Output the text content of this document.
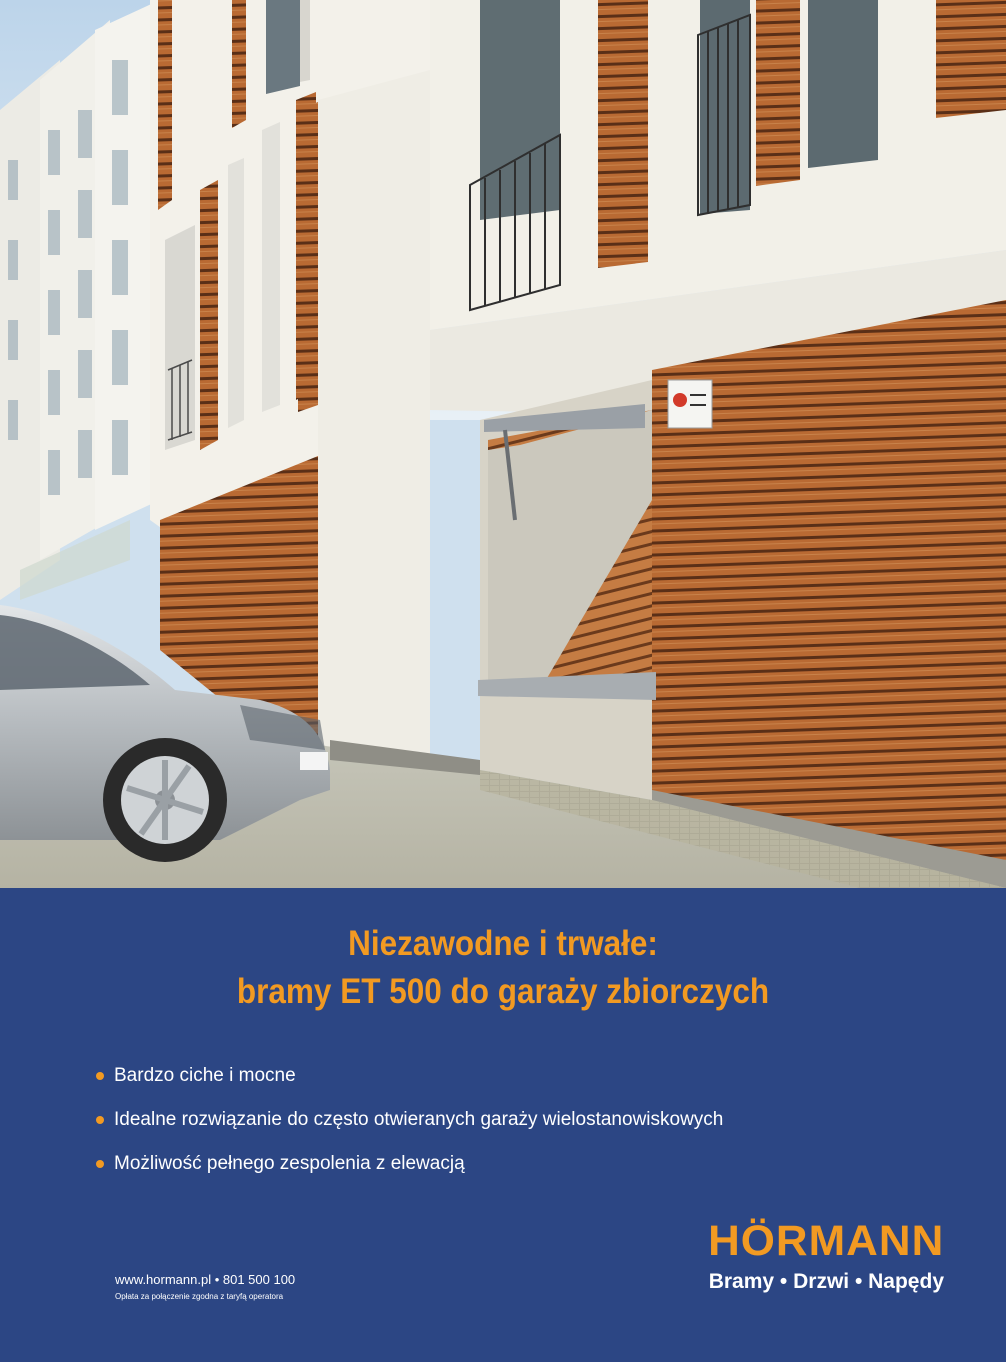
Niezawodne i trwałe:
bramy ET 500 do garaży zbiorczych
Bardzo ciche i mocne
Idealne rozwiązanie do często otwieranych garaży wielostanowiskowych
Możliwość pełnego zespolenia z elewacją
www.hormann.pl • 801 500 100
Opłata za połączenie zgodna z taryfą operatora
HÖRMANN
Bramy • Drzwi • Napędy
